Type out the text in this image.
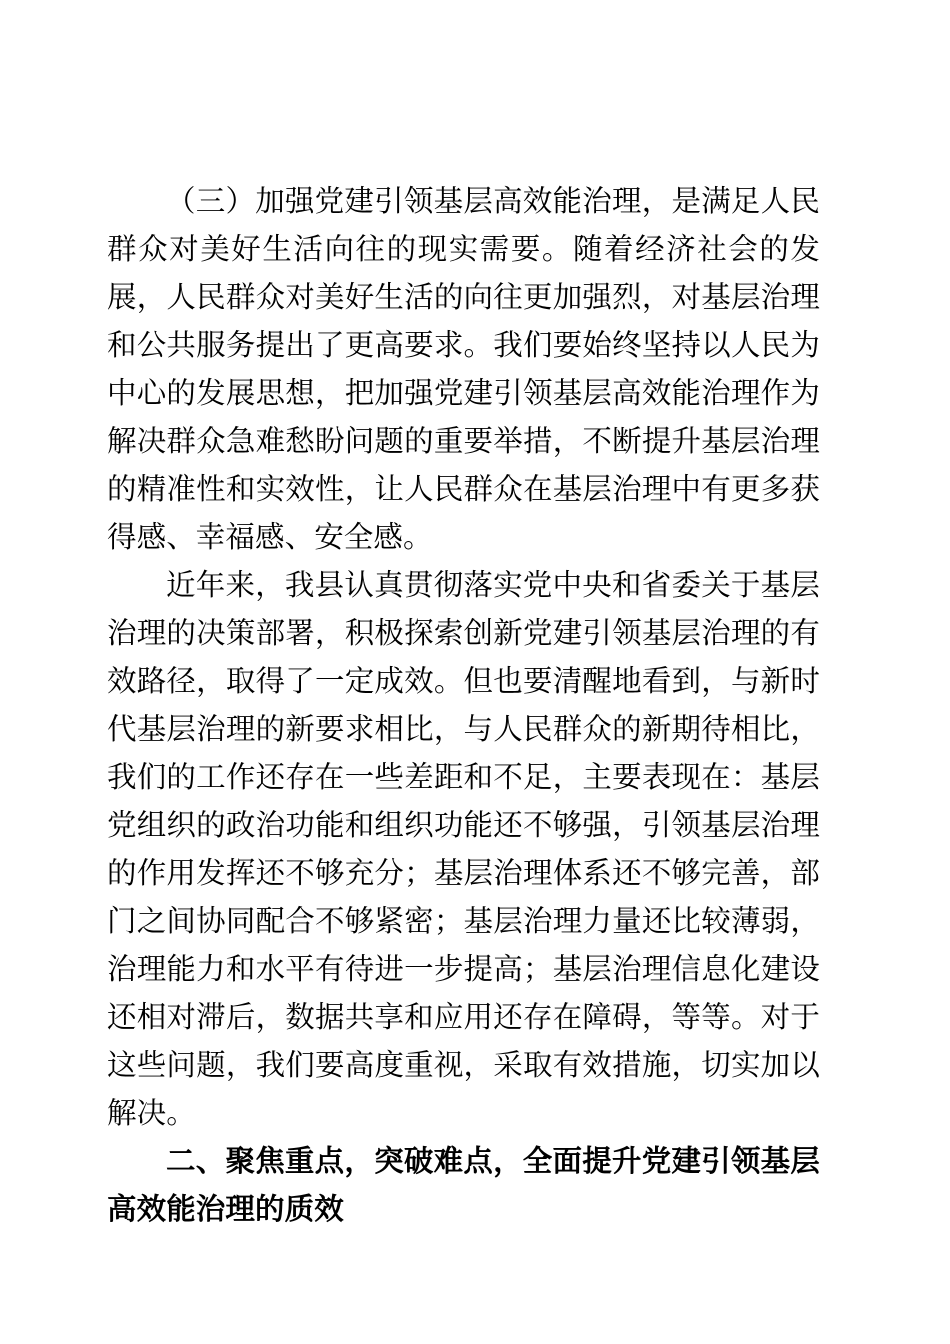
（三）加强党建引领基层高效能治理，是满足人民群众对美好生活向往的现实需要。随着经济社会的发展，人民群众对美好生活的向往更加强烈，对基层治理和公共服务提出了更高要求。我们要始终坚持以人民为中心的发展思想，把加强党建引领基层高效能治理作为解决群众急难愁盼问题的重要举措，不断提升基层治理的精准性和实效性，让人民群众在基层治理中有更多获得感、幸福感、安全感。

近年来，我县认真贯彻落实党中央和省委关于基层治理的决策部署，积极探索创新党建引领基层治理的有效路径，取得了一定成效。但也要清醒地看到，与新时代基层治理的新要求相比，与人民群众的新期待相比，我们的工作还存在一些差距和不足，主要表现在：基层党组织的政治功能和组织功能还不够强，引领基层治理的作用发挥还不够充分；基层治理体系还不够完善，部门之间协同配合不够紧密；基层治理力量还比较薄弱，治理能力和水平有待进一步提高；基层治理信息化建设还相对滞后，数据共享和应用还存在障碍，等等。对于这些问题，我们要高度重视，采取有效措施，切实加以解决。

二、聚焦重点，突破难点，全面提升党建引领基层高效能治理的质效
